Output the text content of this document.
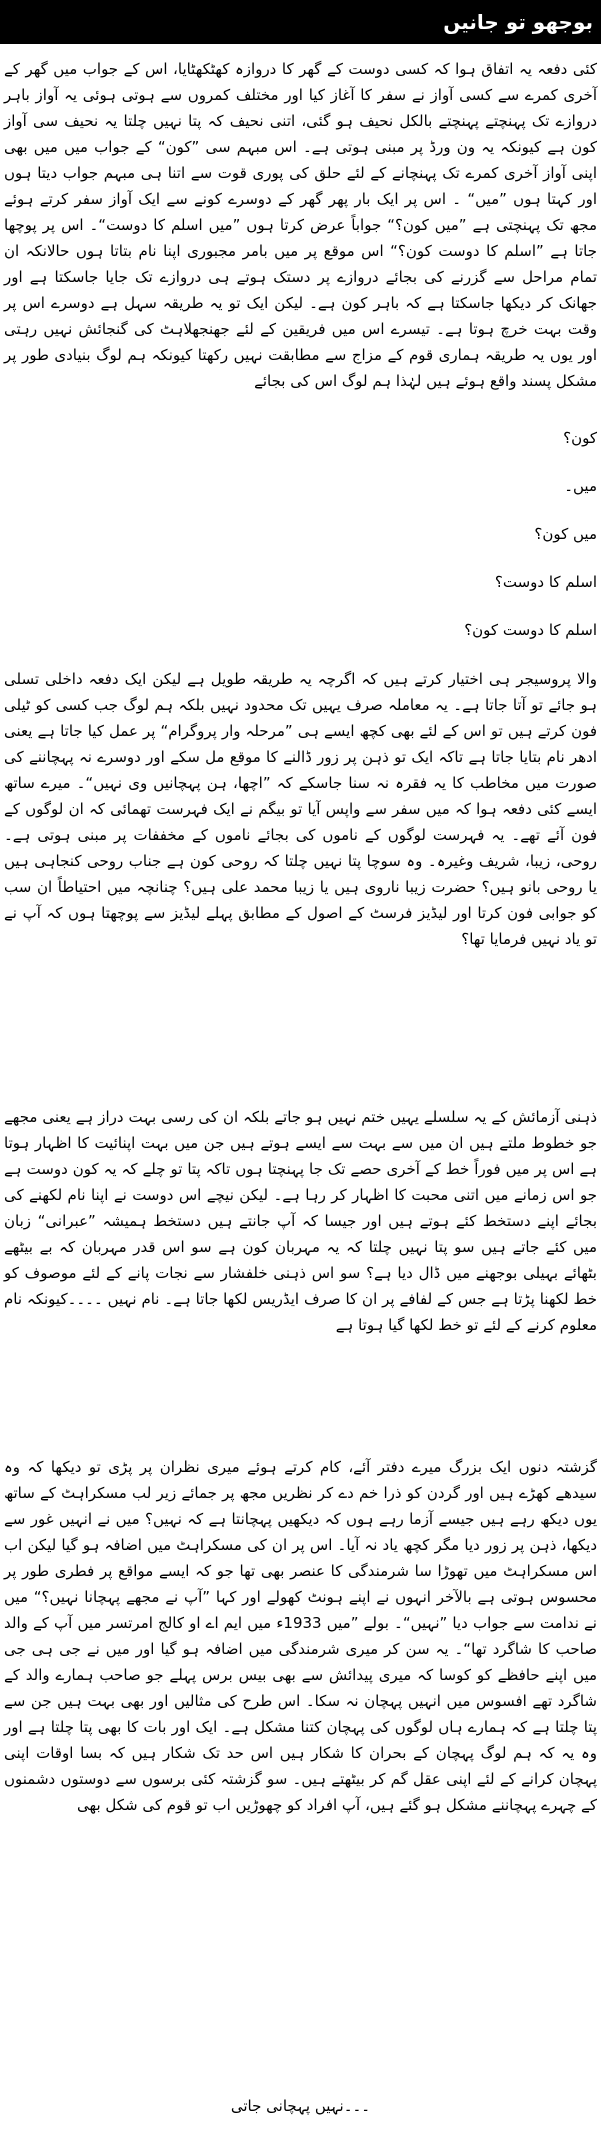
بوجھو تو جانیں

کئی دفعہ یہ اتفاق ہوا کہ کسی دوست کے گھر کا دروازہ کھٹکھٹایا، اس کے جواب میں گھر کے آخری کمرے سے کسی آواز نے سفر کا آغاز کیا اور مختلف کمروں سے ہوتی ہوئی یہ آواز باہر دروازے تک پہنچتے پہنچتے بالکل نحیف ہو گئی، اتنی نحیف کہ پتا نہیں چلتا یہ نحیف سی آواز کون ہے کیونکہ یہ ون ورڈ پر مبنی ہوتی ہے۔ اس مبہم سی ”کون“ کے جواب میں میں بھی اپنی آواز آخری کمرے تک پہنچانے کے لئے حلق کی پوری قوت سے اتنا ہی مبہم جواب دیتا ہوں اور کہتا ہوں ”میں“ ۔ اس پر ایک بار پھر گھر کے دوسرے کونے سے ایک آواز سفر کرتے ہوئے مجھ تک پہنچتی ہے ”میں کون؟“ جواباً عرض کرتا ہوں ”میں اسلم کا دوست“۔ اس پر پوچھا جاتا ہے ”اسلم کا دوست کون؟“ اس موقع پر میں بامر مجبوری اپنا نام بتاتا ہوں حالانکہ ان تمام مراحل سے گزرنے کی بجائے دروازے پر دستک ہوتے ہی دروازے تک جایا جاسکتا ہے اور جھانک کر دیکھا جاسکتا ہے کہ باہر کون ہے۔ لیکن ایک تو یہ طریقہ سہل ہے دوسرے اس پر وقت بہت خرچ ہوتا ہے۔ تیسرے اس میں فریقین کے لئے جھنجھلاہٹ کی گنجائش نہیں رہتی اور یوں یہ طریقہ ہماری قوم کے مزاج سے مطابقت نہیں رکھتا کیونکہ ہم لوگ بنیادی طور پر مشکل پسند واقع ہوئے ہیں لہٰذا ہم لوگ اس کی بجائے

کون؟

میں۔

میں کون؟

اسلم کا دوست؟

اسلم کا دوست کون؟

والا پروسیجر ہی اختیار کرتے ہیں کہ اگرچہ یہ طریقہ طویل ہے لیکن ایک دفعہ داخلی تسلی ہو جائے تو آتا جاتا ہے۔ یہ معاملہ صرف یہیں تک محدود نہیں بلکہ ہم لوگ جب کسی کو ٹیلی فون کرتے ہیں تو اس کے لئے بھی کچھ ایسے ہی ”مرحلہ وار پروگرام“ پر عمل کیا جاتا ہے یعنی ادھر نام بتایا جاتا ہے تاکہ ایک تو ذہن پر زور ڈالنے کا موقع مل سکے اور دوسرے نہ پہچاننے کی صورت میں مخاطب کا یہ فقرہ نہ سنا جاسکے کہ ”اچھا، ہن پہچانیں وی نہیں“۔ میرے ساتھ ایسے کئی دفعہ ہوا کہ میں سفر سے واپس آیا تو بیگم نے ایک فہرست تھمائی کہ ان لوگوں کے فون آئے تھے۔ یہ فہرست لوگوں کے ناموں کی بجائے ناموں کے مخففات پر مبنی ہوتی ہے۔ روحی، زیبا، شریف وغیرہ۔ وہ سوچا پتا نہیں چلتا کہ روحی کون ہے جناب روحی کنجاہی ہیں یا روحی بانو ہیں؟ حضرت زیبا ناروی ہیں یا زیبا محمد علی ہیں؟ چنانچہ میں احتیاطاً ان سب کو جوابی فون کرتا اور لیڈیز فرسٹ کے اصول کے مطابق پہلے لیڈیز سے پوچھتا ہوں کہ آپ نے تو یاد نہیں فرمایا تھا؟

ذہنی آزمائش کے یہ سلسلے یہیں ختم نہیں ہو جاتے بلکہ ان کی رسی بہت دراز ہے یعنی مجھے جو خطوط ملتے ہیں ان میں سے بہت سے ایسے ہوتے ہیں جن میں بہت اپنائیت کا اظہار ہوتا ہے اس پر میں فوراً خط کے آخری حصے تک جا پہنچتا ہوں تاکہ پتا تو چلے کہ یہ کون دوست ہے جو اس زمانے میں اتنی محبت کا اظہار کر رہا ہے۔ لیکن نیچے اس دوست نے اپنا نام لکھنے کی بجائے اپنے دستخط کئے ہوتے ہیں اور جیسا کہ آپ جانتے ہیں دستخط ہمیشہ ”عبرانی“ زبان میں کئے جاتے ہیں سو پتا نہیں چلتا کہ یہ مہربان کون ہے سو اس قدر مہربان کہ بے بیٹھے بٹھائے بہیلی بوجھنے میں ڈال دیا ہے؟ سو اس ذہنی خلفشار سے نجات پانے کے لئے موصوف کو خط لکھنا پڑتا ہے جس کے لفافے پر ان کا صرف ایڈریس لکھا جاتا ہے۔ نام نہیں ۔۔۔۔کیونکہ نام معلوم کرنے کے لئے تو خط لکھا گیا ہوتا ہے

گزشتہ دنوں ایک بزرگ میرے دفتر آئے، کام کرتے ہوئے میری نظران پر پڑی تو دیکھا کہ وہ سیدھے کھڑے ہیں اور گردن کو ذرا خم دے کر نظریں مجھ پر جمائے زیر لب مسکراہٹ کے ساتھ یوں دیکھ رہے ہیں جیسے آزما رہے ہوں کہ دیکھیں پہچانتا ہے کہ نہیں؟ میں نے انہیں غور سے دیکھا، ذہن پر زور دیا مگر کچھ یاد نہ آیا۔ اس پر ان کی مسکراہٹ میں اضافہ ہو گیا لیکن اب اس مسکراہٹ میں تھوڑا سا شرمندگی کا عنصر بھی تھا جو کہ ایسے مواقع پر فطری طور پر محسوس ہوتی ہے بالآخر انہوں نے اپنے ہونٹ کھولے اور کہا ”آپ نے مجھے پہچانا نہیں؟“ میں نے ندامت سے جواب دیا ”نہیں“۔ بولے ”میں 1933ء میں ایم اے او کالج امرتسر میں آپ کے والد صاحب کا شاگرد تھا“۔ یہ سن کر میری شرمندگی میں اضافہ ہو گیا اور میں نے جی ہی جی میں اپنے حافظے کو کوسا کہ میری پیدائش سے بھی بیس برس پہلے جو صاحب ہمارے والد کے شاگرد تھے افسوس میں انہیں پہچان نہ سکا۔ اس طرح کی مثالیں اور بھی بہت ہیں جن سے پتا چلتا ہے کہ ہمارے ہاں لوگوں کی پہچان کتنا مشکل ہے۔ ایک اور بات کا بھی پتا چلتا ہے اور وہ یہ کہ ہم لوگ پہچان کے بحران کا شکار ہیں اس حد تک شکار ہیں کہ بسا اوقات اپنی پہچان کرانے کے لئے اپنی عقل گم کر بیٹھتے ہیں۔ سو گزشتہ کئی برسوں سے دوستوں دشمنوں کے چہرے پہچاننے مشکل ہو گئے ہیں، آپ افراد کو چھوڑیں اب تو قوم کی شکل بھی

۔۔۔نہیں پہچانی جاتی
